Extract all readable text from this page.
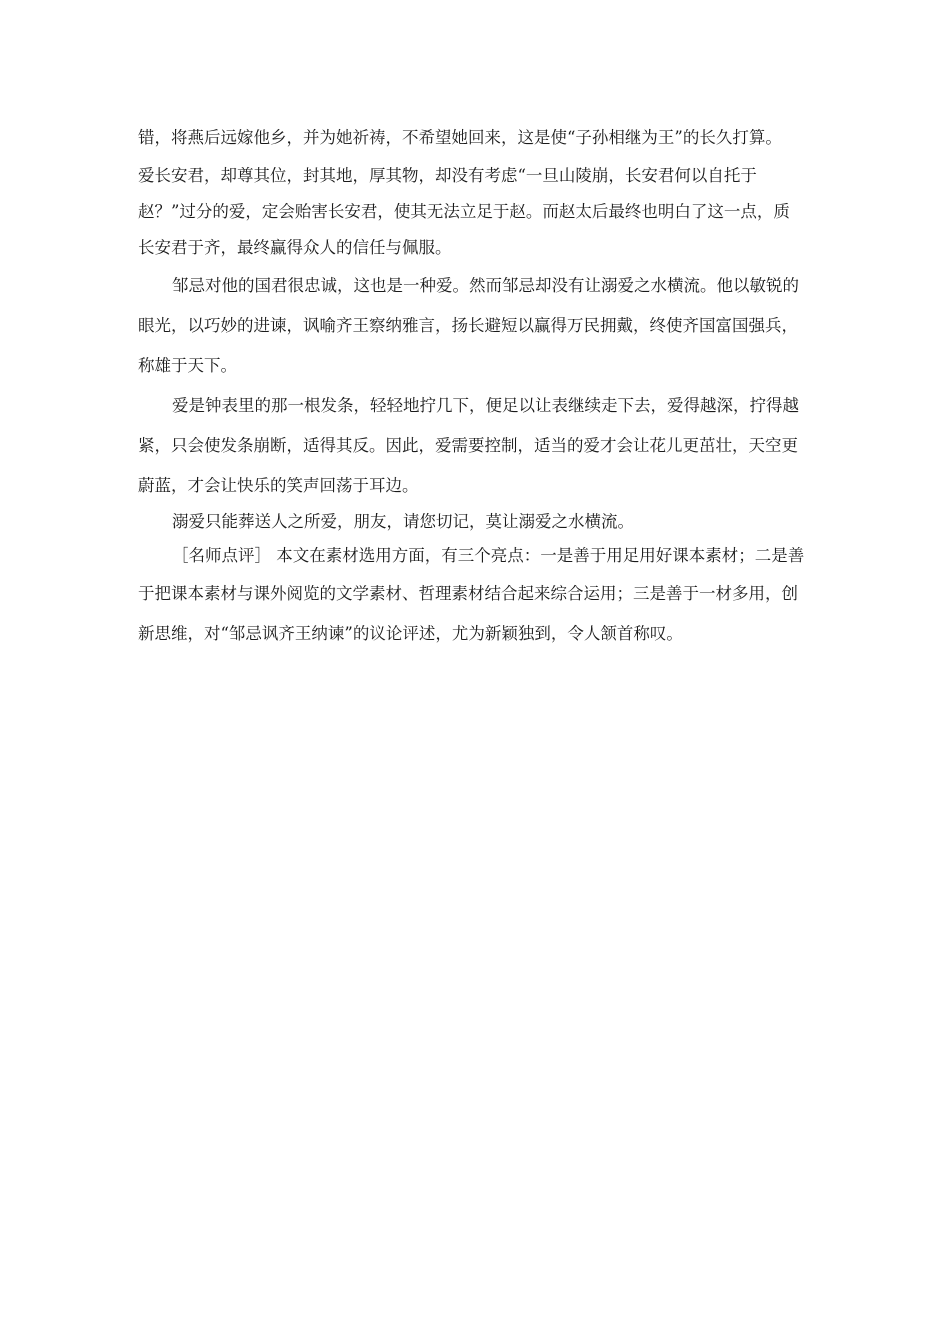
错，将燕后远嫁他乡，并为她祈祷，不希望她回来，这是使“子孙相继为王”的长久打算。
爱长安君，却尊其位，封其地，厚其物，却没有考虑“一旦山陵崩，长安君何以自托于
赵？”过分的爱，定会贻害长安君，使其无法立足于赵。而赵太后最终也明白了这一点，质
长安君于齐，最终赢得众人的信任与佩服。
邹忌对他的国君很忠诚，这也是一种爱。然而邹忌却没有让溺爱之水横流。他以敏锐的
眼光，以巧妙的进谏，讽喻齐王察纳雅言，扬长避短以赢得万民拥戴，终使齐国富国强兵，
称雄于天下。
爱是钟表里的那一根发条，轻轻地拧几下，便足以让表继续走下去，爱得越深，拧得越
紧，只会使发条崩断，适得其反。因此，爱需要控制，适当的爱才会让花儿更茁壮，天空更
蔚蓝，才会让快乐的笑声回荡于耳边。
溺爱只能葬送人之所爱，朋友，请您切记，莫让溺爱之水横流。
［名师点评］ 本文在素材选用方面，有三个亮点：一是善于用足用好课本素材；二是善
于把课本素材与课外阅览的文学素材、哲理素材结合起来综合运用；三是善于一材多用，创
新思维，对“邹忌讽齐王纳谏”的议论评述，尤为新颖独到，令人颔首称叹。
